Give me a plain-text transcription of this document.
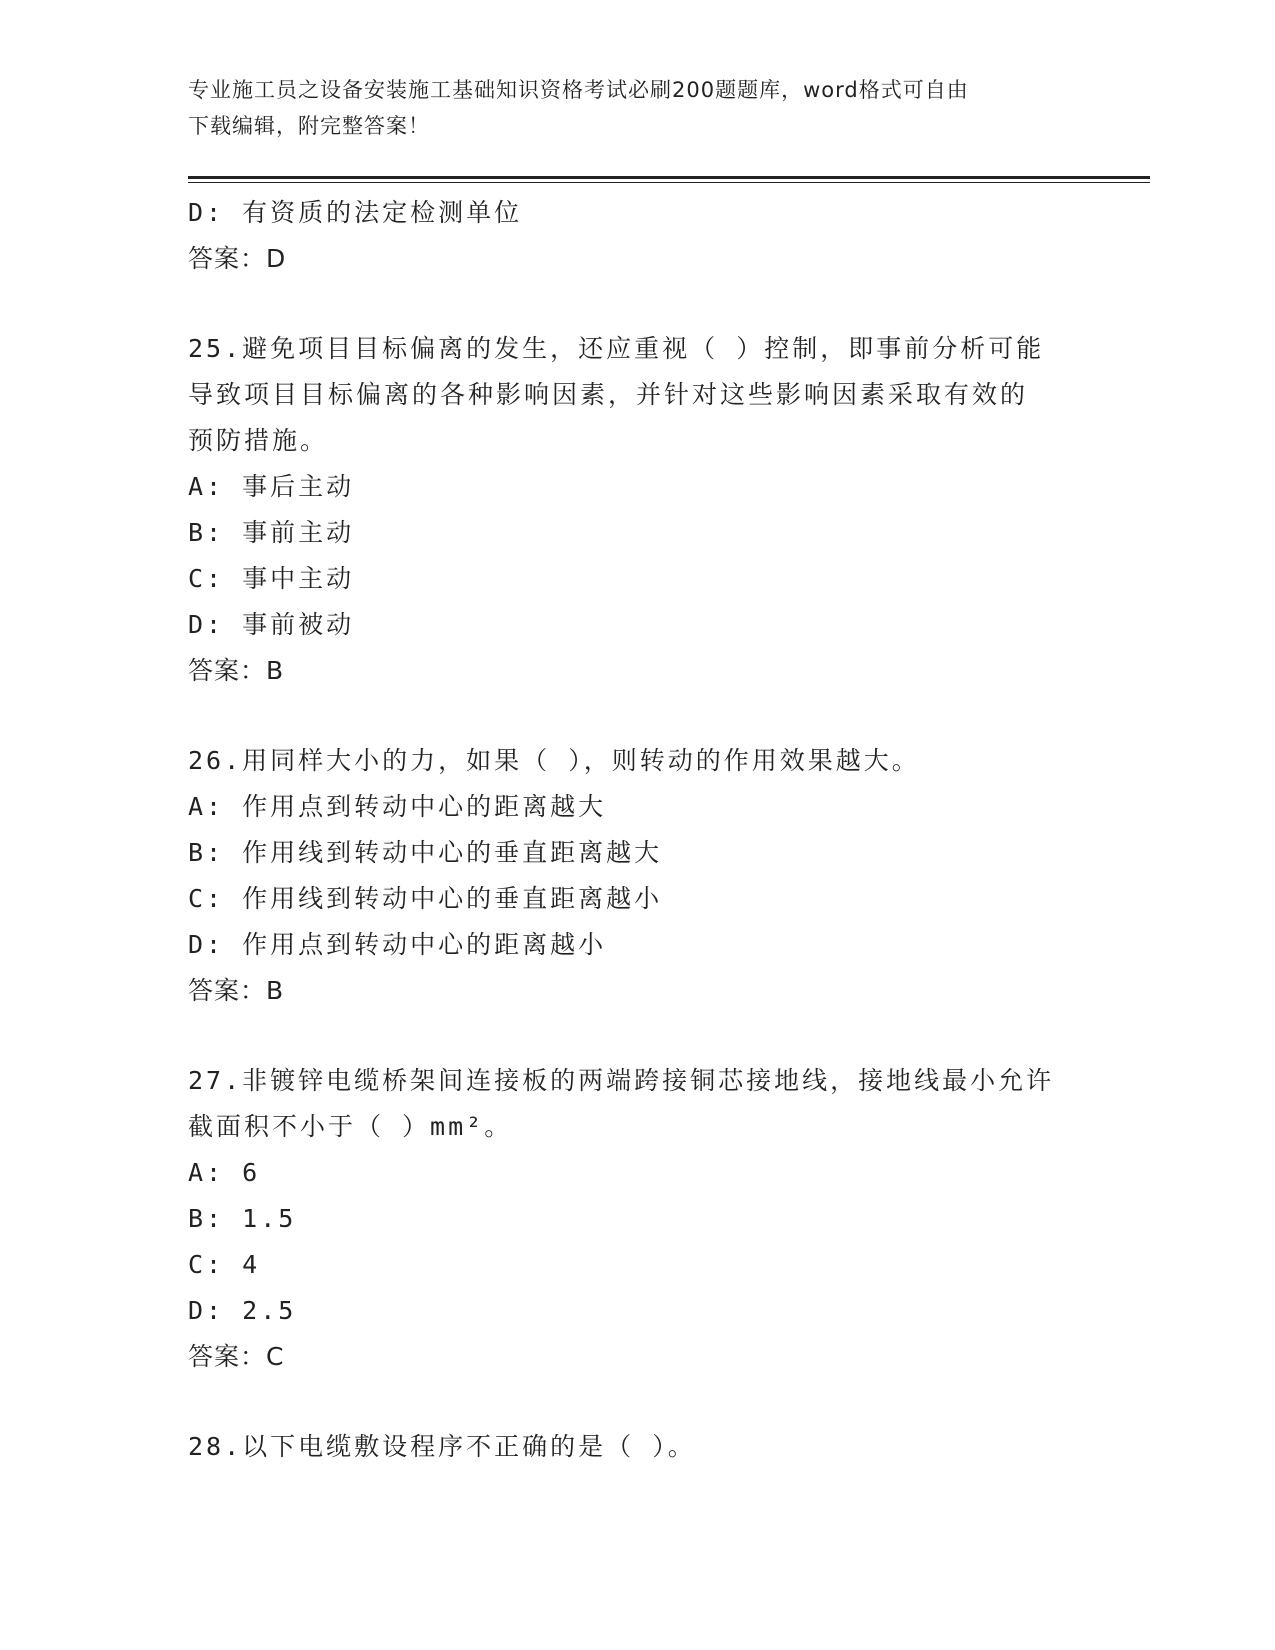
专业施工员之设备安装施工基础知识资格考试必刷200题题库，word格式可自由
下载编辑，附完整答案！
D: 有资质的法定检测单位
答案：D
25.避免项目目标偏离的发生，还应重视（ ）控制，即事前分析可能
导致项目目标偏离的各种影响因素，并针对这些影响因素采取有效的
预防措施。
A: 事后主动
B: 事前主动
C: 事中主动
D: 事前被动
答案：B
26.用同样大小的力，如果（ ），则转动的作用效果越大。
A: 作用点到转动中心的距离越大
B: 作用线到转动中心的垂直距离越大
C: 作用线到转动中心的垂直距离越小
D: 作用点到转动中心的距离越小
答案：B
27.非镀锌电缆桥架间连接板的两端跨接铜芯接地线，接地线最小允许
截面积不小于（ ）mm²。
A: 6
B: 1.5
C: 4
D: 2.5
答案：C
28.以下电缆敷设程序不正确的是（ ）。
